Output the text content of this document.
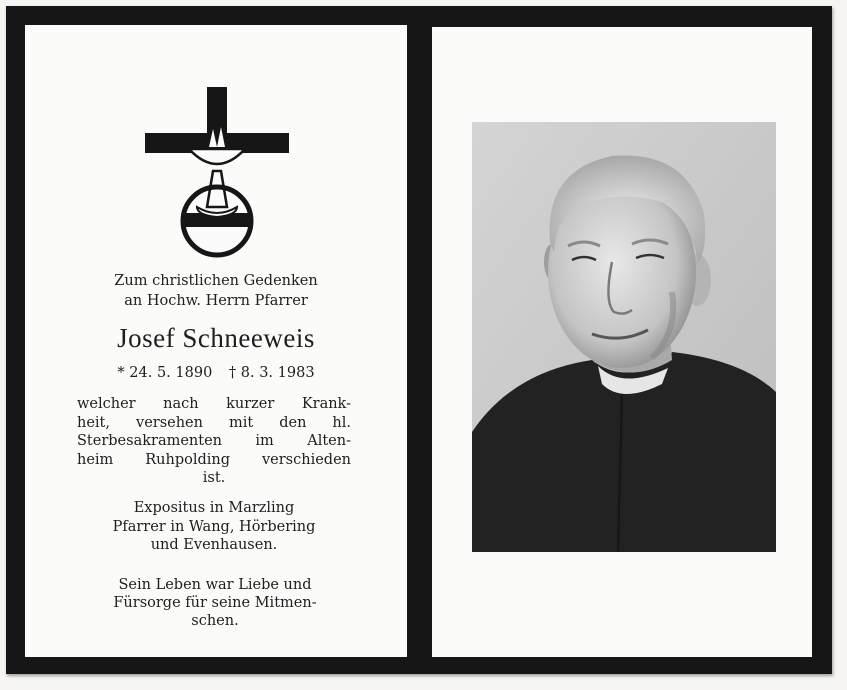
Zum christlichen Gedenken
an Hochw. Herrn Pfarrer
Josef Schneeweis
* 24. 5. 1890 † 8. 3. 1983
welcher nach kurzer Krank-
heit, versehen mit den hl.
Sterbesakramenten im Alten-
heim Ruhpolding verschieden
ist.
Expositus in Marzling
Pfarrer in Wang, Hörbering
und Evenhausen.
Sein Leben war Liebe und
Fürsorge für seine Mitmen-
schen.
